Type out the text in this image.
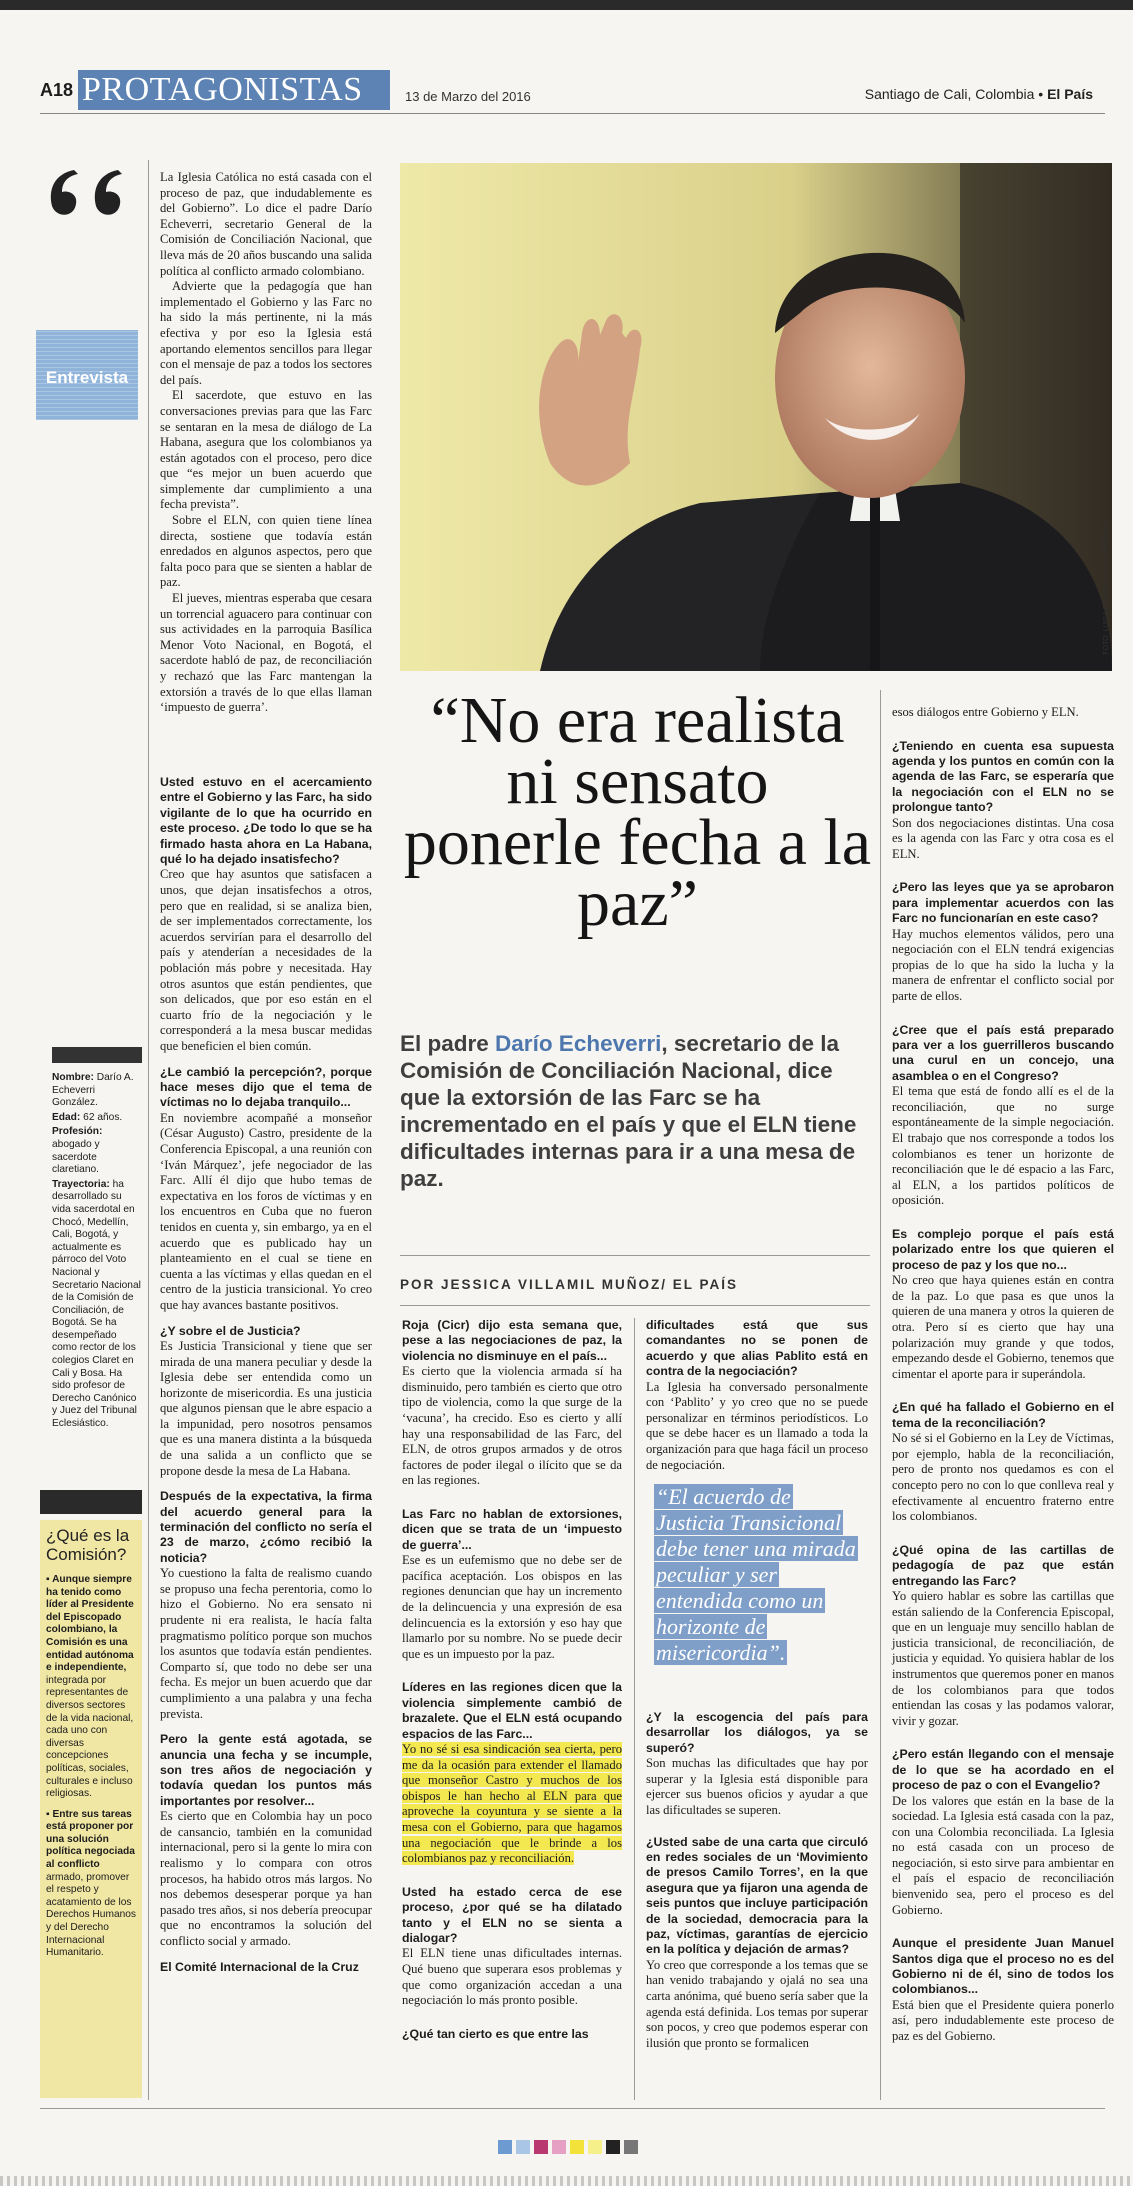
A18 PROTAGONISTAS	13 de Marzo del 2016	Santiago de Cali, Colombia • El País
Entrevista
Nombre: Darío A. Echeverri González.
Edad: 62 años.
Profesión: abogado y sacerdote claretiano.
Trayectoria: ha desarrollado su vida sacerdotal en Chocó, Medellín, Cali, Bogotá, y actualmente es párroco del Voto Nacional y Secretario Nacional de la Comisión de Conciliación, de Bogotá. Se ha desempeñado como rector de los colegios Claret en Cali y Bosa. Ha sido profesor de Derecho Canónico y Juez del Tribunal Eclesiástico.
¿Qué es la Comisión?
▪ Aunque siempre ha tenido como líder al Presidente del Episcopado colombiano, la Comisión es una entidad autónoma e independiente, integrada por representantes de diversos sectores de la vida nacional, cada uno con diversas concepciones políticas, sociales, culturales e incluso religiosas.
▪ Entre sus tareas está proponer por una solución política negociada al conflicto armado, promover el respeto y acatamiento de los Derechos Humanos y del Derecho Internacional Humanitario.

La Iglesia Católica no está casada con el proceso de paz, que indudablemente es del Gobierno”. Lo dice el padre Darío Echeverri, secretario General de la Comisión de Conciliación Nacional, que lleva más de 20 años buscando una salida política al conflicto armado colombiano.

Advierte que la pedagogía que han implementado el Gobierno y las Farc no ha sido la más pertinente, ni la más efectiva y por eso la Iglesia está aportando elementos sencillos para llegar con el mensaje de paz a todos los sectores del país.

El sacerdote, que estuvo en las conversaciones previas para que las Farc se sentaran en la mesa de diálogo de La Habana, asegura que los colombianos ya están agotados con el proceso, pero dice que “es mejor un buen acuerdo que simplemente dar cumplimiento a una fecha prevista”.

Sobre el ELN, con quien tiene línea directa, sostiene que todavía están enredados en algunos aspectos, pero que falta poco para que se sienten a hablar de paz.

El jueves, mientras esperaba que cesara un torrencial aguacero para continuar con sus actividades en la parroquia Basílica Menor Voto Nacional, en Bogotá, el sacerdote habló de paz, de reconciliación y rechazó que las Farc mantengan la extorsión a través de lo que ellas llaman ‘impuesto de guerra’.

Usted estuvo en el acercamiento entre el Gobierno y las Farc, ha sido vigilante de lo que ha ocurrido en este proceso. ¿De todo lo que se ha firmado hasta ahora en La Habana, qué lo ha dejado insatisfecho?

Creo que hay asuntos que satisfacen a unos, que dejan insatisfechos a otros, pero que en realidad, si se analiza bien, de ser implementados correctamente, los acuerdos servirían para el desarrollo del país y atenderían a necesidades de la población más pobre y necesitada. Hay otros asuntos que están pendientes, que son delicados, que por eso están en el cuarto frío de la negociación y le corresponderá a la mesa buscar medidas que beneficien el bien común.

¿Le cambió la percepción?, porque hace meses dijo que el tema de víctimas no lo dejaba tranquilo...

En noviembre acompañé a monseñor (César Augusto) Castro, presidente de la Conferencia Episcopal, a una reunión con ‘Iván Márquez’, jefe negociador de las Farc. Allí él dijo que hubo temas de expectativa en los foros de víctimas y en los encuentros en Cuba que no fueron tenidos en cuenta y, sin embargo, ya en el acuerdo que es publicado hay un planteamiento en el cual se tiene en cuenta a las víctimas y ellas quedan en el centro de la justicia transicional. Yo creo que hay avances bastante positivos.

¿Y sobre el de Justicia?

Es Justicia Transicional y tiene que ser mirada de una manera peculiar y desde la Iglesia debe ser entendida como un horizonte de misericordia. Es una justicia que algunos piensan que le abre espacio a la impunidad, pero nosotros pensamos que es una manera distinta a la búsqueda de una salida a un conflicto que se propone desde la mesa de La Habana.

Después de la expectativa, la firma del acuerdo general para la terminación del conflicto no sería el 23 de marzo, ¿cómo recibió la noticia?

Yo cuestiono la falta de realismo cuando se propuso una fecha perentoria, como lo hizo el Gobierno. No era sensato ni prudente ni era realista, le hacía falta pragmatismo político porque son muchos los asuntos que todavía están pendientes. Comparto sí, que todo no debe ser una fecha. Es mejor un buen acuerdo que dar cumplimiento a una palabra y una fecha prevista.

Pero la gente está agotada, se anuncia una fecha y se incumple, son tres años de negociación y todavía quedan los puntos más importantes por resolver...

Es cierto que en Colombia hay un poco de cansancio, también en la comunidad internacional, pero si la gente lo mira con realismo y lo compara con otros procesos, ha habido otros más largos. No nos debemos desesperar porque ya han pasado tres años, si nos debería preocupar que no encontramos la solución del conflicto social y armado.

El Comité Internacional de la Cruz
FOTO: LUISA GONZÁLEZ / COLPRENSA
“No era realista ni sensato ponerle fecha a la paz”
El padre Darío Echeverri, secretario de la Comisión de Conciliación Nacional, dice que la extorsión de las Farc se ha incrementado en el país y que el ELN tiene dificultades internas para ir a una mesa de paz.
POR JESSICA VILLAMIL MUÑOZ/ EL PAÍS
Roja (Cicr) dijo esta semana que, pese a las negociaciones de paz, la violencia no disminuye en el país...

Es cierto que la violencia armada sí ha disminuido, pero también es cierto que otro tipo de violencia, como la que surge de la ‘vacuna’, ha crecido. Eso es cierto y allí hay una responsabilidad de las Farc, del ELN, de otros grupos armados y de otros factores de poder ilegal o ilícito que se da en las regiones.

Las Farc no hablan de extorsiones, dicen que se trata de un ‘impuesto de guerra’...

Ese es un eufemismo que no debe ser de pacífica aceptación. Los obispos en las regiones denuncian que hay un incremento de la delincuencia y una expresión de esa delincuencia es la extorsión y eso hay que llamarlo por su nombre. No se puede decir que es un impuesto por la paz.

Líderes en las regiones dicen que la violencia simplemente cambió de brazalete. Que el ELN está ocupando espacios de las Farc...

Yo no sé si esa sindicación sea cierta, pero me da la ocasión para extender el llamado que monseñor Castro y muchos de los obispos le han hecho al ELN para que aproveche la coyuntura y se siente a la mesa con el Gobierno, para que hagamos una negociación que le brinde a los colombianos paz y reconciliación.

Usted ha estado cerca de ese proceso, ¿por qué se ha dilatado tanto y el ELN no se sienta a dialogar?

El ELN tiene unas dificultades internas. Qué bueno que superara esos problemas y que como organización accedan a una negociación lo más pronto posible.

¿Qué tan cierto es que entre las
dificultades está que sus comandantes no se ponen de acuerdo y que alias Pablito está en contra de la negociación?

La Iglesia ha conversado personalmente con ‘Pablito’ y yo creo que no se puede personalizar en términos periodísticos. Lo que se debe hacer es un llamado a toda la organización para que haga fácil un proceso de negociación.

“El acuerdo de Justicia Transicional debe tener una mirada peculiar y ser entendida como un horizonte de misericordia”.
¿Y la escogencia del país para desarrollar los diálogos, ya se superó?

Son muchas las dificultades que hay por superar y la Iglesia está disponible para ejercer sus buenos oficios y ayudar a que las dificultades se superen.

¿Usted sabe de una carta que circuló en redes sociales de un ‘Movimiento de presos Camilo Torres’, en la que asegura que ya fijaron una agenda de seis puntos que incluye participación de la sociedad, democracia para la paz, víctimas, garantías de ejercicio en la política y dejación de armas?

Yo creo que corresponde a los temas que se han venido trabajando y ojalá no sea una carta anónima, qué bueno sería saber que la agenda está definida. Los temas por superar son pocos, y creo que podemos esperar con ilusión que pronto se formalicen

esos diálogos entre Gobierno y ELN.

¿Teniendo en cuenta esa supuesta agenda y los puntos en común con la agenda de las Farc, se esperaría que la negociación con el ELN no se prolongue tanto?

Son dos negociaciones distintas. Una cosa es la agenda con las Farc y otra cosa es el ELN.

¿Pero las leyes que ya se aprobaron para implementar acuerdos con las Farc no funcionarían en este caso?

Hay muchos elementos válidos, pero una negociación con el ELN tendrá exigencias propias de lo que ha sido la lucha y la manera de enfrentar el conflicto social por parte de ellos.

¿Cree que el país está preparado para ver a los guerrilleros buscando una curul en un concejo, una asamblea o en el Congreso?

El tema que está de fondo allí es el de la reconciliación, que no surge espontáneamente de la simple negociación. El trabajo que nos corresponde a todos los colombianos es tener un horizonte de reconciliación que le dé espacio a las Farc, al ELN, a los partidos políticos de oposición.

Es complejo porque el país está polarizado entre los que quieren el proceso de paz y los que no...

No creo que haya quienes están en contra de la paz. Lo que pasa es que unos la quieren de una manera y otros la quieren de otra. Pero sí es cierto que hay una polarización muy grande y que todos, empezando desde el Gobierno, tenemos que cimentar el aporte para ir superándola.

¿En qué ha fallado el Gobierno en el tema de la reconciliación?

No sé si el Gobierno en la Ley de Víctimas, por ejemplo, habla de la reconciliación, pero de pronto nos quedamos es con el concepto pero no con lo que conlleva real y efectivamente al encuentro fraterno entre los colombianos.

¿Qué opina de las cartillas de pedagogía de paz que están entregando las Farc?

Yo quiero hablar es sobre las cartillas que están saliendo de la Conferencia Episcopal, que en un lenguaje muy sencillo hablan de justicia transicional, de reconciliación, de justicia y equidad. Yo quisiera hablar de los instrumentos que queremos poner en manos de los colombianos para que todos entiendan las cosas y las podamos valorar, vivir y gozar.

¿Pero están llegando con el mensaje de lo que se ha acordado en el proceso de paz o con el Evangelio?

De los valores que están en la base de la sociedad. La Iglesia está casada con la paz, con una Colombia reconciliada. La Iglesia no está casada con un proceso de negociación, si esto sirve para ambientar en el país el espacio de reconciliación bienvenido sea, pero el proceso es del Gobierno.

Aunque el presidente Juan Manuel Santos diga que el proceso no es del Gobierno ni de él, sino de todos los colombianos...

Está bien que el Presidente quiera ponerlo así, pero indudablemente este proceso de paz es del Gobierno.
